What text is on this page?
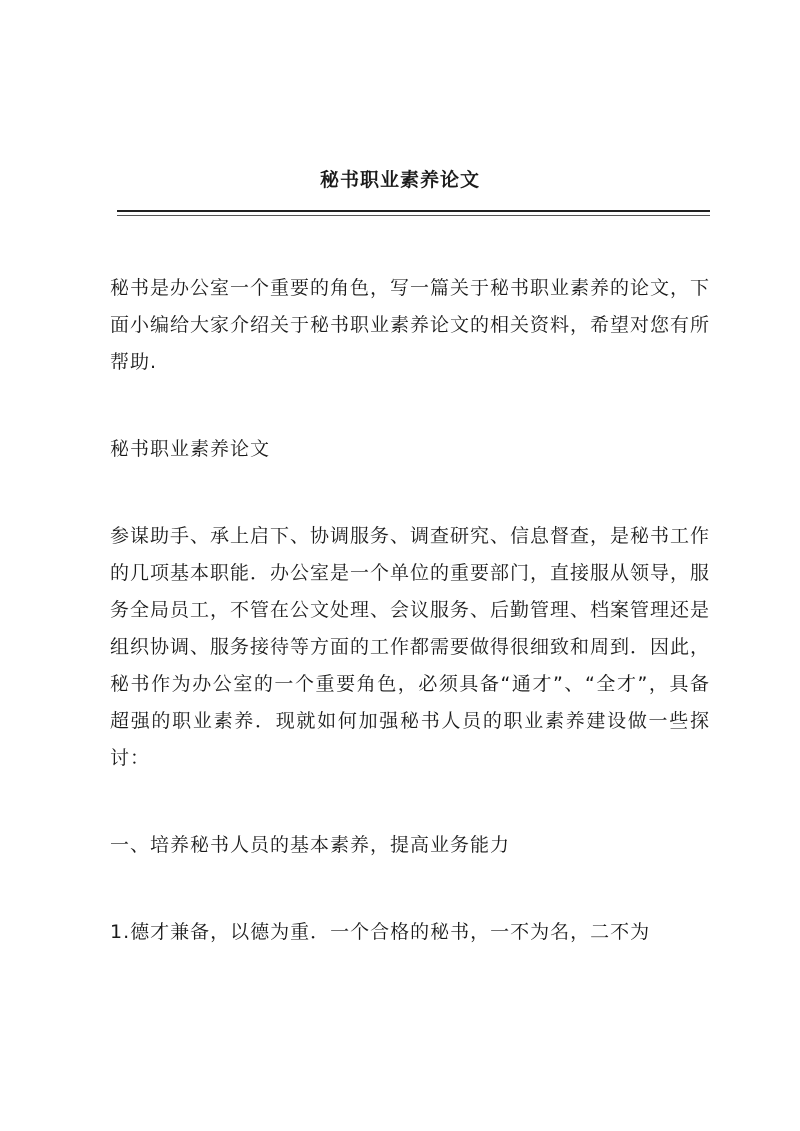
秘书职业素养论文

秘书是办公室一个重要的角色，写一篇关于秘书职业素养的论文，下面小编给大家介绍关于秘书职业素养论文的相关资料，希望对您有所帮助.

秘书职业素养论文

参谋助手、承上启下、协调服务、调查研究、信息督查，是秘书工作的几项基本职能．办公室是一个单位的重要部门，直接服从领导，服务全局员工，不管在公文处理、会议服务、后勤管理、档案管理还是组织协调、服务接待等方面的工作都需要做得很细致和周到．因此，秘书作为办公室的一个重要角色，必须具备“通才”、“全才”，具备超强的职业素养．现就如何加强秘书人员的职业素养建设做一些探讨：

一、培养秘书人员的基本素养，提高业务能力

1.德才兼备，以德为重．一个合格的秘书，一不为名，二不为
